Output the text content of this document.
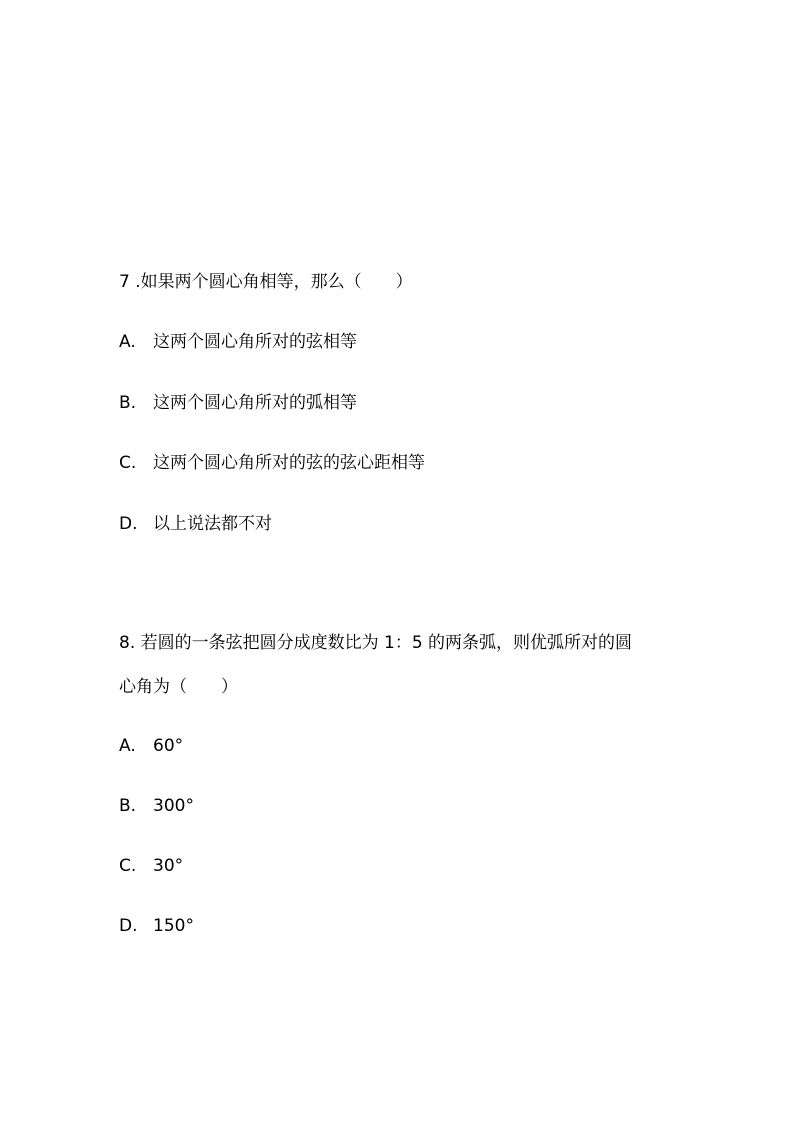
7 .如果两个圆心角相等，那么（　　）
A. 这两个圆心角所对的弦相等
B. 这两个圆心角所对的弧相等
C. 这两个圆心角所对的弦的弦心距相等
D. 以上说法都不对
8. 若圆的一条弦把圆分成度数比为 1：5 的两条弧，则优弧所对的圆
心角为（　　）
A. 60°
B. 300°
C. 30°
D. 150°
